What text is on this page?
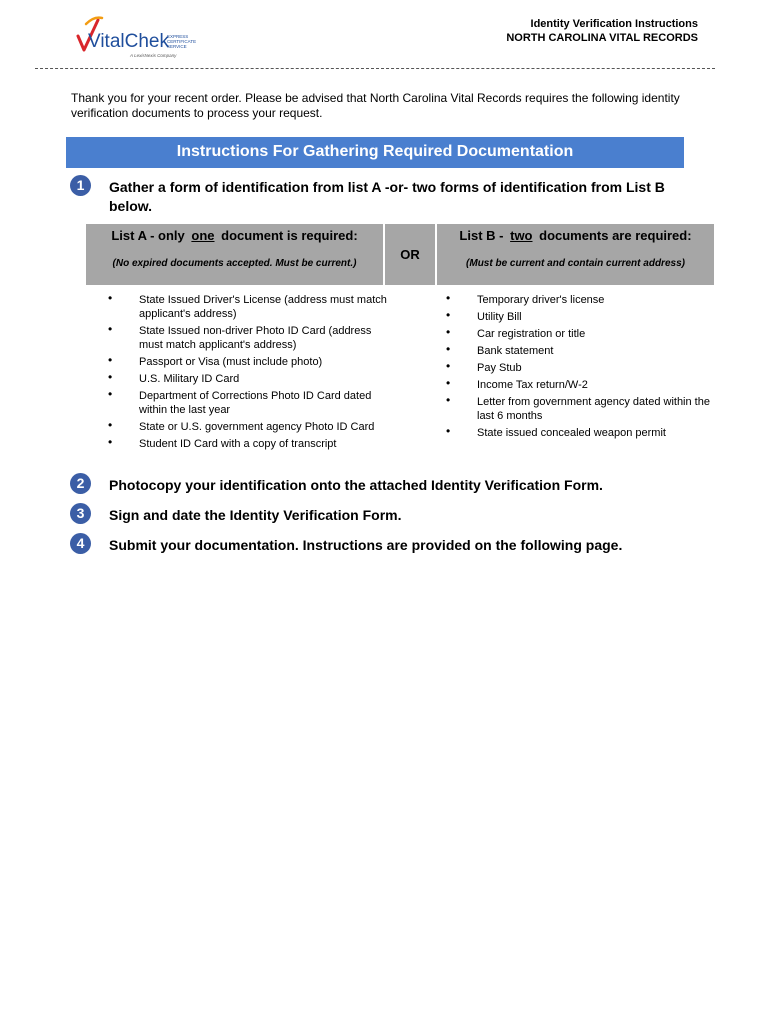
VitalChek
EXPRESS
CERTIFICATE
SERVICE
A LexisNexis Company
Identity Verification Instructions
NORTH CAROLINA VITAL RECORDS
Thank you for your recent order. Please be advised that North Carolina Vital Records requires the following identity verification documents to process your request.
Instructions For Gathering Required Documentation
1	Gather a form of identification from list A -or- two forms of identification from List B below.
List A - only one document is required:
(No expired documents accepted. Must be current.)
OR
List B - two documents are required:
(Must be current and contain current address)
• State Issued Driver's License (address must match applicant's address)
• State Issued non-driver Photo ID Card (address must match applicant's address)
• Passport or Visa (must include photo)
• U.S. Military ID Card
• Department of Corrections Photo ID Card dated within the last year
• State or U.S. government agency Photo ID Card
• Student ID Card with a copy of transcript
• Temporary driver's license
• Utility Bill
• Car registration or title
• Bank statement
• Pay Stub
• Income Tax return/W-2
• Letter from government agency dated within the last 6 months
• State issued concealed weapon permit
2	Photocopy your identification onto the attached Identity Verification Form.
3	Sign and date the Identity Verification Form.
4	Submit your documentation. Instructions are provided on the following page.
